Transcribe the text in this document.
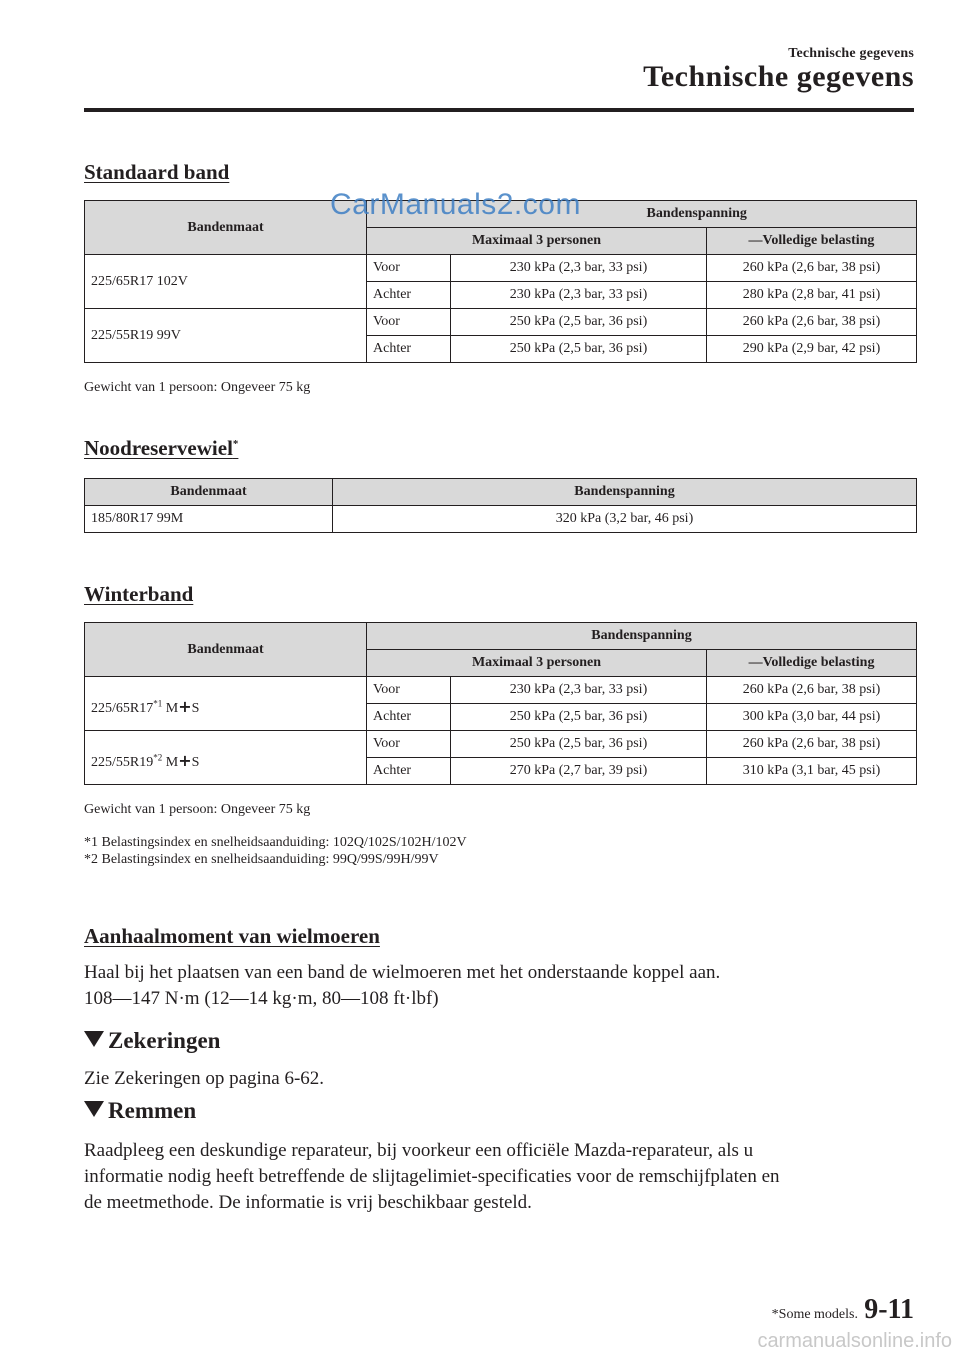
Technische gegevens
Technische gegevens
Standaard band
Bandenmaat			Bandenspanning
	Maximaal 3 personen		—Volledige belasting
225/65R17 102V	Voor	230 kPa (2,3 bar, 33 psi)	260 kPa (2,6 bar, 38 psi)
	Achter	230 kPa (2,3 bar, 33 psi)	280 kPa (2,8 bar, 41 psi)
225/55R19 99V	Voor	250 kPa (2,5 bar, 36 psi)	260 kPa (2,6 bar, 38 psi)
	Achter	250 kPa (2,5 bar, 36 psi)	290 kPa (2,9 bar, 42 psi)
CarManuals2.com
Gewicht van 1 persoon: Ongeveer 75 kg
Noodreservewiel*
Bandenmaat	Bandenspanning
185/80R17 99M	320 kPa (3,2 bar, 46 psi)
Winterband
Bandenmaat	Bandenspanning		
	Maximaal 3 personen		—Volledige belasting
225/65R17$^{*1}$ M+S	Voor	230 kPa (2,3 bar, 33 psi)	260 kPa (2,6 bar, 38 psi)
	Achter	250 kPa (2,5 bar, 36 psi)	300 kPa (3,0 bar, 44 psi)
225/55R19$^{*2}$ M+S	Voor	250 kPa (2,5 bar, 36 psi)	260 kPa (2,6 bar, 38 psi)
	Achter	270 kPa (2,7 bar, 39 psi)	310 kPa (3,1 bar, 45 psi)
Gewicht van 1 persoon: Ongeveer 75 kg
*1 Belastingsindex en snelheidsaanduiding: 102Q/102S/102H/102V
*2 Belastingsindex en snelheidsaanduiding: 99Q/99S/99H/99V
Aanhaalmoment van wielmoeren
Haal bij het plaatsen van een band de wielmoeren met het onderstaande koppel aan.
108—147 N·m (12—14 kg·m, 80—108 ft·lbf)
Zekeringen
Zie Zekeringen op pagina 6-62.
Remmen
Raadpleeg een deskundige reparateur, bij voorkeur een officiële Mazda-reparateur, als u
informatie nodig heeft betreffende de slijtagelimiet-specificaties voor de remschijfplaten en
de meetmethode. De informatie is vrij beschikbaar gesteld.
*Some models. 9-11
carmanualsonline.info
